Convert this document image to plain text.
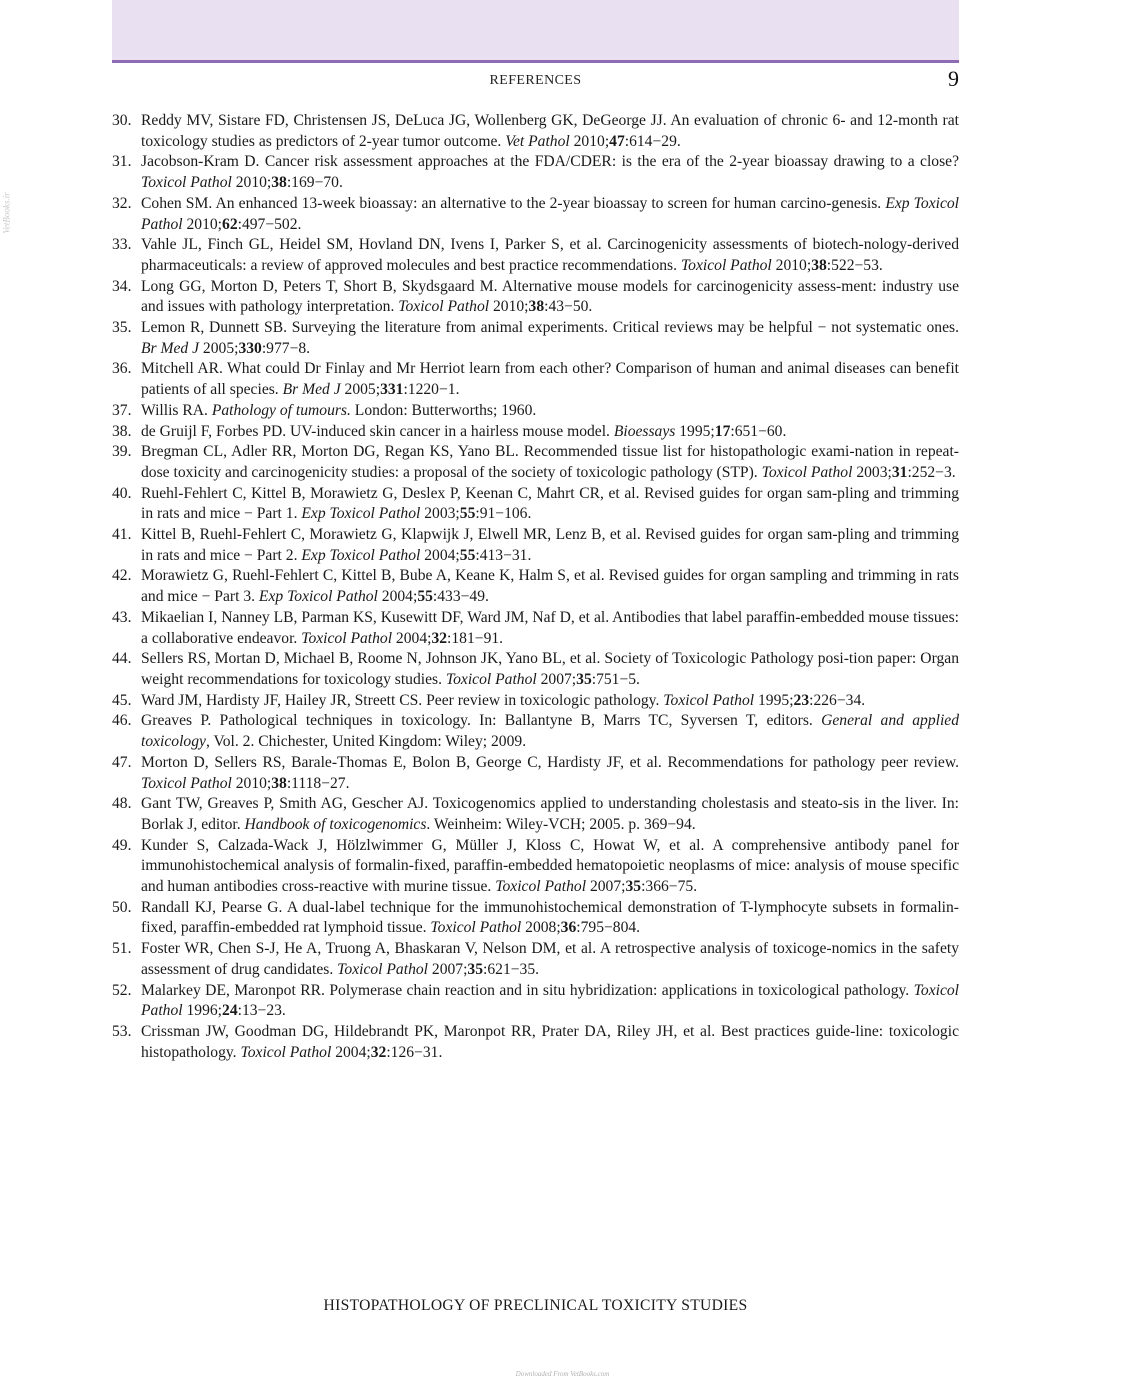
REFERENCES	9
VetBooks.ir
30. Reddy MV, Sistare FD, Christensen JS, DeLuca JG, Wollenberg GK, DeGeorge JJ. An evaluation of chronic 6- and 12-month rat toxicology studies as predictors of 2-year tumor outcome. Vet Pathol 2010;47:614−29.
31. Jacobson-Kram D. Cancer risk assessment approaches at the FDA/CDER: is the era of the 2-year bioassay drawing to a close? Toxicol Pathol 2010;38:169−70.
32. Cohen SM. An enhanced 13-week bioassay: an alternative to the 2-year bioassay to screen for human carcino-genesis. Exp Toxicol Pathol 2010;62:497−502.
33. Vahle JL, Finch GL, Heidel SM, Hovland DN, Ivens I, Parker S, et al. Carcinogenicity assessments of biotech-nology-derived pharmaceuticals: a review of approved molecules and best practice recommendations. Toxicol Pathol 2010;38:522−53.
34. Long GG, Morton D, Peters T, Short B, Skydsgaard M. Alternative mouse models for carcinogenicity assess-ment: industry use and issues with pathology interpretation. Toxicol Pathol 2010;38:43−50.
35. Lemon R, Dunnett SB. Surveying the literature from animal experiments. Critical reviews may be helpful − not systematic ones. Br Med J 2005;330:977−8.
36. Mitchell AR. What could Dr Finlay and Mr Herriot learn from each other? Comparison of human and animal diseases can benefit patients of all species. Br Med J 2005;331:1220−1.
37. Willis RA. Pathology of tumours. London: Butterworths; 1960.
38. de Gruijl F, Forbes PD. UV-induced skin cancer in a hairless mouse model. Bioessays 1995;17:651−60.
39. Bregman CL, Adler RR, Morton DG, Regan KS, Yano BL. Recommended tissue list for histopathologic exami-nation in repeat-dose toxicity and carcinogenicity studies: a proposal of the society of toxicologic pathology (STP). Toxicol Pathol 2003;31:252−3.
40. Ruehl-Fehlert C, Kittel B, Morawietz G, Deslex P, Keenan C, Mahrt CR, et al. Revised guides for organ sam-pling and trimming in rats and mice − Part 1. Exp Toxicol Pathol 2003;55:91−106.
41. Kittel B, Ruehl-Fehlert C, Morawietz G, Klapwijk J, Elwell MR, Lenz B, et al. Revised guides for organ sam-pling and trimming in rats and mice − Part 2. Exp Toxicol Pathol 2004;55:413−31.
42. Morawietz G, Ruehl-Fehlert C, Kittel B, Bube A, Keane K, Halm S, et al. Revised guides for organ sampling and trimming in rats and mice − Part 3. Exp Toxicol Pathol 2004;55:433−49.
43. Mikaelian I, Nanney LB, Parman KS, Kusewitt DF, Ward JM, Naf D, et al. Antibodies that label paraffin-embedded mouse tissues: a collaborative endeavor. Toxicol Pathol 2004;32:181−91.
44. Sellers RS, Mortan D, Michael B, Roome N, Johnson JK, Yano BL, et al. Society of Toxicologic Pathology posi-tion paper: Organ weight recommendations for toxicology studies. Toxicol Pathol 2007;35:751−5.
45. Ward JM, Hardisty JF, Hailey JR, Streett CS. Peer review in toxicologic pathology. Toxicol Pathol 1995;23:226−34.
46. Greaves P. Pathological techniques in toxicology. In: Ballantyne B, Marrs TC, Syversen T, editors. General and applied toxicology, Vol. 2. Chichester, United Kingdom: Wiley; 2009.
47. Morton D, Sellers RS, Barale-Thomas E, Bolon B, George C, Hardisty JF, et al. Recommendations for pathology peer review. Toxicol Pathol 2010;38:1118−27.
48. Gant TW, Greaves P, Smith AG, Gescher AJ. Toxicogenomics applied to understanding cholestasis and steato-sis in the liver. In: Borlak J, editor. Handbook of toxicogenomics. Weinheim: Wiley-VCH; 2005. p. 369−94.
49. Kunder S, Calzada-Wack J, Hölzlwimmer G, Müller J, Kloss C, Howat W, et al. A comprehensive antibody panel for immunohistochemical analysis of formalin-fixed, paraffin-embedded hematopoietic neoplasms of mice: analysis of mouse specific and human antibodies cross-reactive with murine tissue. Toxicol Pathol 2007;35:366−75.
50. Randall KJ, Pearse G. A dual-label technique for the immunohistochemical demonstration of T-lymphocyte subsets in formalin-fixed, paraffin-embedded rat lymphoid tissue. Toxicol Pathol 2008;36:795−804.
51. Foster WR, Chen S-J, He A, Truong A, Bhaskaran V, Nelson DM, et al. A retrospective analysis of toxicoge-nomics in the safety assessment of drug candidates. Toxicol Pathol 2007;35:621−35.
52. Malarkey DE, Maronpot RR. Polymerase chain reaction and in situ hybridization: applications in toxicological pathology. Toxicol Pathol 1996;24:13−23.
53. Crissman JW, Goodman DG, Hildebrandt PK, Maronpot RR, Prater DA, Riley JH, et al. Best practices guide-line: toxicologic histopathology. Toxicol Pathol 2004;32:126−31.
HISTOPATHOLOGY OF PRECLINICAL TOXICITY STUDIES
Downloaded From VetBooks.com
